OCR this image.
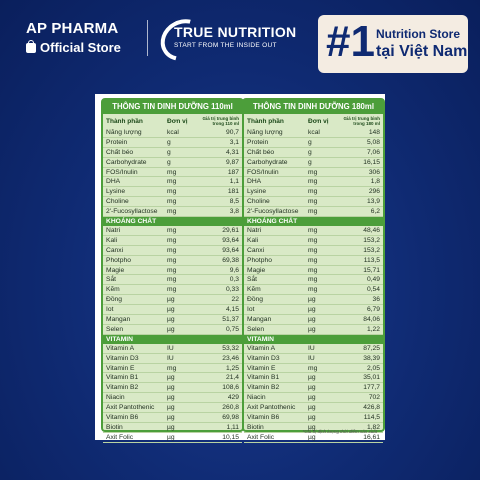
AP PHARMA
Official Store
TRUE NUTRITION
START FROM THE INSIDE OUT #1 Nutrition Store
tại Việt Nam
THÔNG TIN DINH DƯỠNG 110ml
Thành phần	Đơn vị	Giá trị trung bình trong 110 ml
Năng lượng	kcal	90,7
Protein	g	3,1
Chất béo	g	4,31
Carbohydrate	g	9,87
FOS/Inulin	mg	187
DHA	mg	1,1
Lysine	mg	181
Choline	mg	8,5
2'-Fucosyllactose	mg	3,8
KHOÁNG CHẤT
Natri	mg	29,61
Kali	mg	93,64
Canxi	mg	93,64
Photpho	mg	69,38
Magie	mg	9,6
Sắt	mg	0,3
Kẽm	mg	0,33
Đồng	µg	22
Iot	µg	4,15
Mangan	µg	51,37
Selen	µg	0,75
VITAMIN
Vitamin A	IU	53,32
Vitamin D3	IU	23,46
Vitamin E	mg	1,25
Vitamin B1	µg	21,4
Vitamin B2	µg	108,6
Niacin	µg	429
Axit Pantothenic	µg	260,8
Vitamin B6	µg	69,98
Biotin	µg	1,11
Axit Folic	µg	10,15
THÔNG TIN DINH DƯỠNG 180ml
Thành phần	Đơn vị	Giá trị trung bình trong 180 ml
Năng lượng	kcal	148
Protein	g	5,08
Chất béo	g	7,06
Carbohydrate	g	16,15
FOS/Inulin	mg	306
DHA	mg	1,8
Lysine	mg	296
Choline	mg	13,9
2'-Fucosyllactose	mg	6,2
KHOÁNG CHẤT
Natri	mg	48,46
Kali	mg	153,2
Canxi	mg	153,2
Photpho	mg	113,5
Magie	mg	15,71
Sắt	mg	0,49
Kẽm	mg	0,54
Đồng	µg	36
Iot	µg	6,79
Mangan	µg	84,06
Selen	µg	1,22
VITAMIN
Vitamin A	IU	87,25
Vitamin D3	IU	38,39
Vitamin E	mg	2,05
Vitamin B1	µg	35,01
Vitamin B2	µg	177,7
Niacin	µg	702
Axit Pantothenic	µg	426,8
Vitamin B6	µg	114,5
Biotin	µg	1,82
Axit Folic	µg	16,61
*Giá trị định lượng thời điểm sản xuất
